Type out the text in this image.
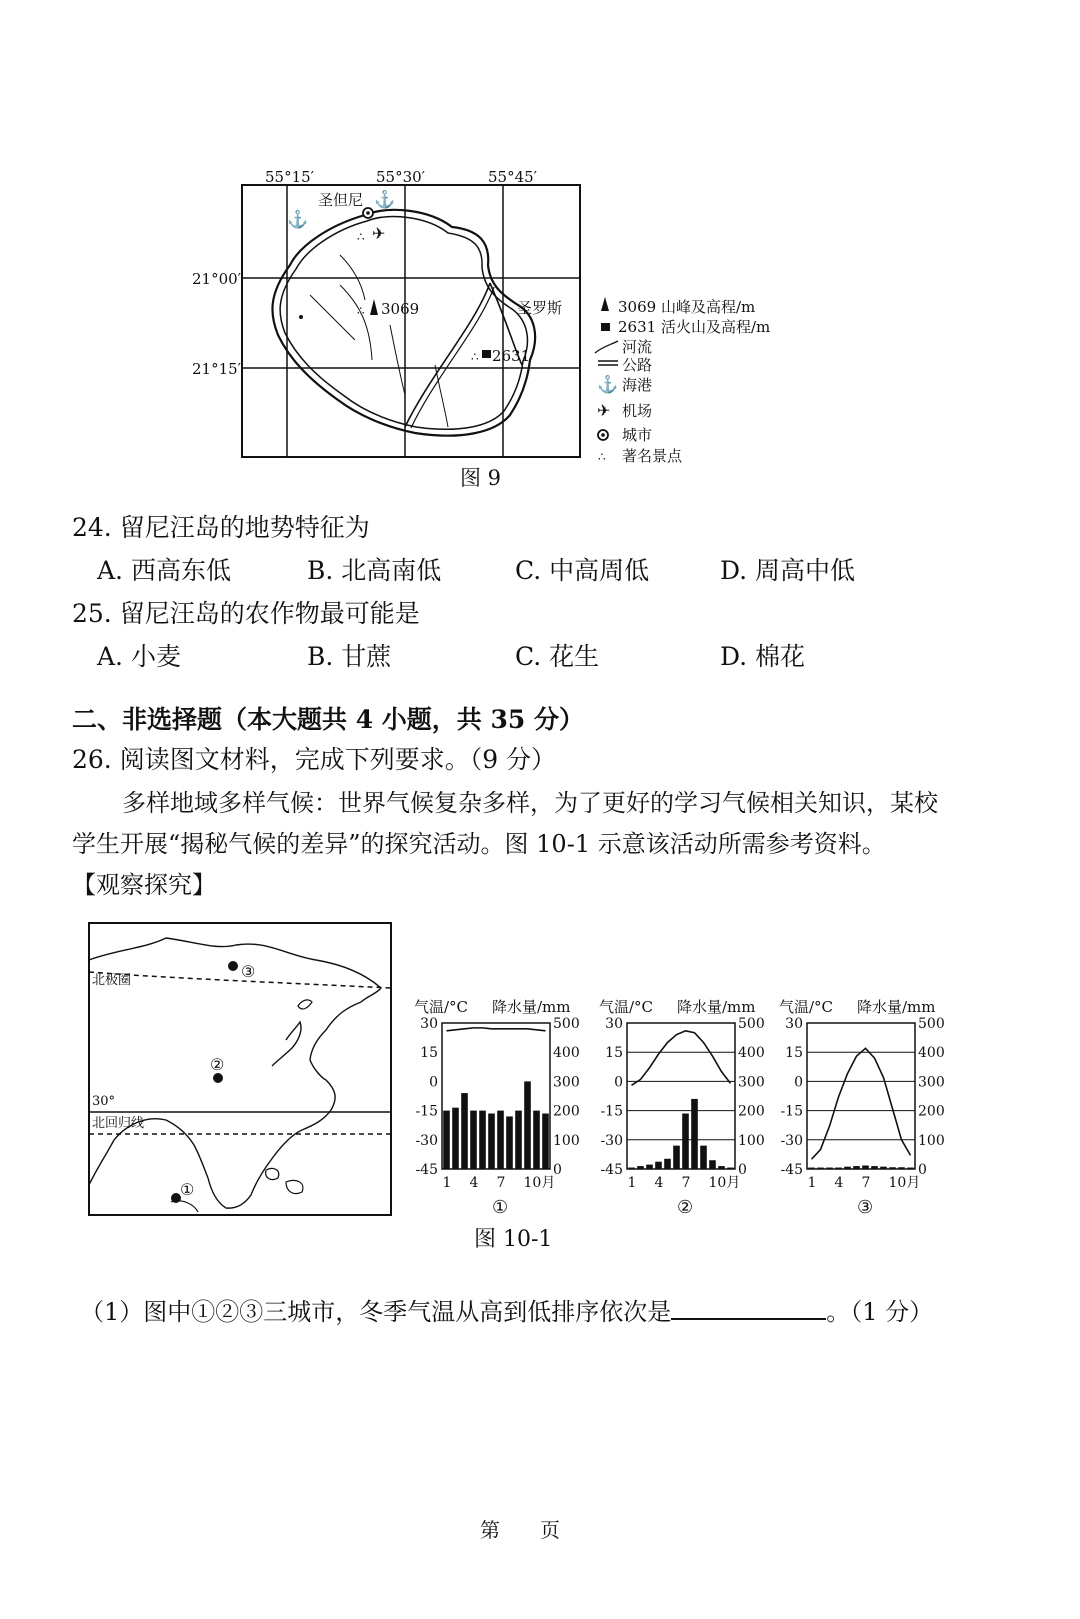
55°15′	55°30′	55°45′
21°00′
21°15′
圣但尼 ⚓
⚓
✈
∴
∴ 3069	圣罗斯
∴ 2631
3069 山峰及高程/m
2631 活火山及高程/m
河流
公路
⚓ 海港
✈ 机场
城市
∴ 著名景点
图 9
24. 留尼汪岛的地势特征为
A. 西高东低	B. 北高南低	C. 中高周低	D. 周高中低
25. 留尼汪岛的农作物最可能是
A. 小麦	B. 甘蔗	C. 花生	D. 棉花
二、非选择题（本大题共 4 小题，共 35 分）
26. 阅读图文材料，完成下列要求。（9 分）
多样地域多样气候：世界气候复杂多样，为了更好的学习气候相关知识，某校
学生开展“揭秘气候的差异”的探究活动。图 10-1 示意该活动所需参考资料。
【观察探究】
北极圈
30°
北回归线
③
②
①
气温/°C 降水量/mm
30	500
15	400
0	300
-15	200
-30	100
-45	0
1 4 7 10月
①
气温/°C 降水量/mm
30	500
15	400
0	300
-15	200
-30	100
-45	0
1 4 7 10月
②
气温/°C 降水量/mm
30	500
15	400
0	300
-15	200
-30	100
-45	0
1 4 7 10月
③
图 10-1
（1）图中①②③三城市，冬季气温从高到低排序依次是	。（1 分）
第　　页
